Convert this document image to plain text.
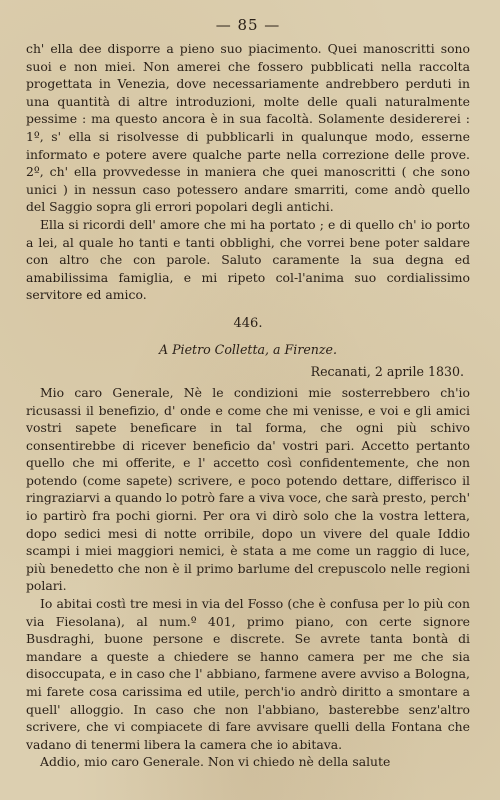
— 85 —

ch' ella dee disporre a pieno suo piacimento. Quei manoscritti sono suoi e non miei. Non amerei che fossero pubblicati nella raccolta progettata in Venezia, dove necessariamente andrebbero perduti in una quantità di altre introduzioni, molte delle quali naturalmente pessime : ma questo ancora è in sua facoltà. Solamente desidererei : 1º, s' ella si risolvesse di pubblicarli in qualunque modo, esserne informato e potere avere qualche parte nella correzione delle prove. 2º, ch' ella provvedesse in maniera che quei manoscritti ( che sono unici ) in nessun caso potessero andare smarriti, come andò quello del Saggio sopra gli errori popolari degli antichi.

Ella si ricordi dell' amore che mi ha portato ; e di quello ch' io porto a lei, al quale ho tanti e tanti obblighi, che vorrei bene poter saldare con altro che con parole. Saluto caramente la sua degna ed amabilissima famiglia, e mi ripeto col-l'anima suo cordialissimo servitore ed amico.

446.
A Pietro Colletta, a Firenze.
Recanati, 2 aprile 1830.

Mio caro Generale, Nè le condizioni mie sosterrebbero ch'io ricusassi il benefizio, d' onde e come che mi venisse, e voi e gli amici vostri sapete beneficare in tal forma, che ogni più schivo consentirebbe di ricever beneficio da' vostri pari. Accetto pertanto quello che mi offerite, e l' accetto così confidentemente, che non potendo (come sapete) scrivere, e poco potendo dettare, differisco il ringraziarvi a quando lo potrò fare a viva voce, che sarà presto, perch' io partirò fra pochi giorni. Per ora vi dirò solo che la vostra lettera, dopo sedici mesi di notte orribile, dopo un vivere del quale Iddio scampi i miei maggiori nemici, è stata a me come un raggio di luce, più benedetto che non è il primo barlume del crepuscolo nelle regioni polari.

Io abitai costì tre mesi in via del Fosso (che è confusa per lo più con via Fiesolana), al num.º 401, primo piano, con certe signore Busdraghi, buone persone e discrete. Se avrete tanta bontà di mandare a queste a chiedere se hanno camera per me che sia disoccupata, e in caso che l' abbiano, farmene avere avviso a Bologna, mi farete cosa carissima ed utile, perch'io andrò diritto a smontare a quell' alloggio. In caso che non l'abbiano, basterebbe senz'altro scrivere, che vi compiacete di fare avvisare quelli della Fontana che vadano di tenermi libera la camera che io abitava.

Addio, mio caro Generale. Non vi chiedo nè della salute
